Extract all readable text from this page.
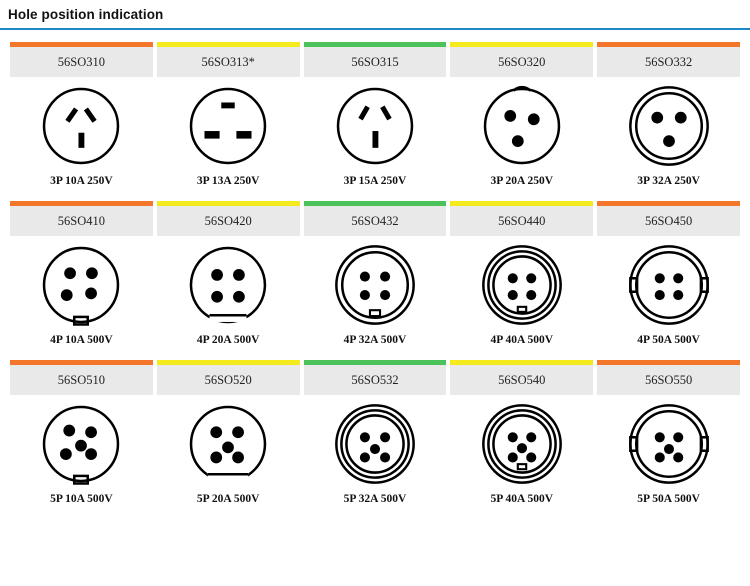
Hole position indication
56SO310	56SO313*	56SO315	56SO320	56SO332
3P 10A 250V	3P 13A 250V	3P 15A 250V	3P 20A 250V	3P 32A 250V
56SO410	56SO420	56SO432	56SO440	56SO450
4P 10A 500V	4P 20A 500V	4P 32A 500V	4P 40A 500V	4P 50A 500V
56SO510	56SO520	56SO532	56SO540	56SO550
5P 10A 500V	5P 20A 500V	5P 32A 500V	5P 40A 500V	5P 50A 500V
